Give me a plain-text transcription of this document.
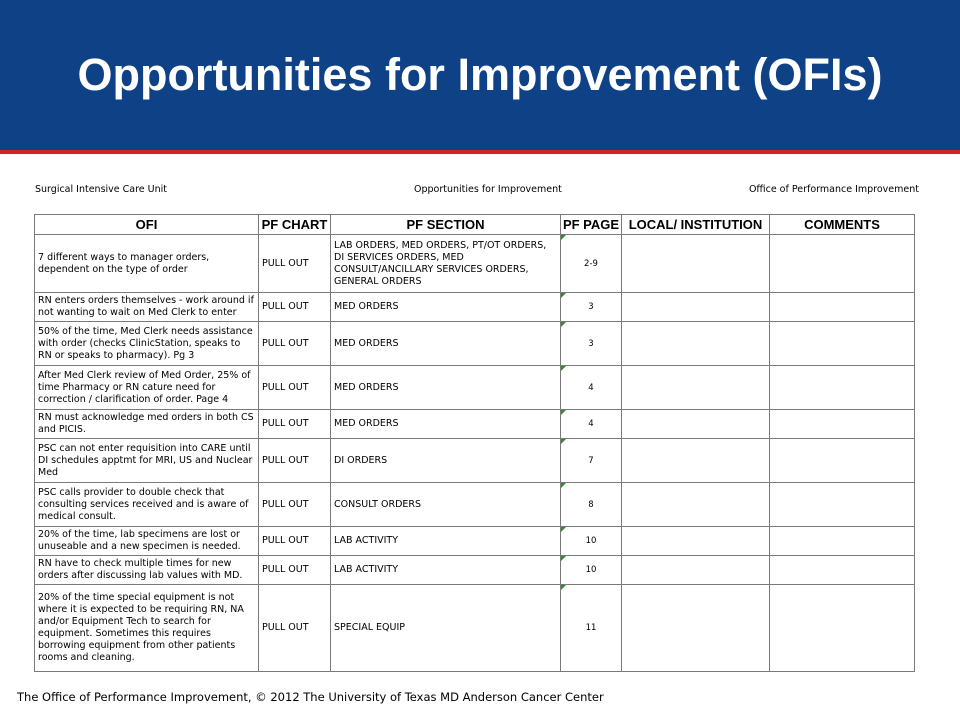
Opportunities for Improvement (OFIs)
Surgical Intensive Care Unit	Opportunities for Improvement	Office of Performance Improvement
OFI	PF CHART	PF SECTION	PF PAGE	LOCAL/ INSTITUTION	COMMENTS
7 different ways to manager orders, dependent on the type of order	PULL OUT	LAB ORDERS, MED ORDERS, PT/OT ORDERS, DI SERVICES ORDERS, MED CONSULT/ANCILLARY SERVICES ORDERS, GENERAL ORDERS	2-9		
RN enters orders themselves - work around if not wanting to wait on Med Clerk to enter	PULL OUT	MED ORDERS	3		
50% of the time, Med Clerk needs assistance with order (checks ClinicStation, speaks to RN or speaks to pharmacy). Pg 3	PULL OUT	MED ORDERS	3		
After Med Clerk review of Med Order, 25% of time Pharmacy or RN cature need for correction / clarification of order. Page 4	PULL OUT	MED ORDERS	4		
RN must acknowledge med orders in both CS and PICIS.	PULL OUT	MED ORDERS	4		
PSC can not enter requisition into CARE until DI schedules apptmt for MRI, US and Nuclear Med	PULL OUT	DI ORDERS	7		
PSC calls provider to double check that consulting services received and is aware of medical consult.	PULL OUT	CONSULT ORDERS	8		
20% of the time, lab specimens are lost or unuseable and a new specimen is needed.	PULL OUT	LAB ACTIVITY	10		
RN have to check multiple times for new orders after discussing lab values with MD.	PULL OUT	LAB ACTIVITY	10		
20% of the time special equipment is not where it is expected to be requiring RN, NA and/or Equipment Tech to search for equipment. Sometimes this requires borrowing equipment from other patients rooms and cleaning.	PULL OUT	SPECIAL EQUIP	11		
The Office of Performance Improvement, © 2012 The University of Texas MD Anderson Cancer Center
